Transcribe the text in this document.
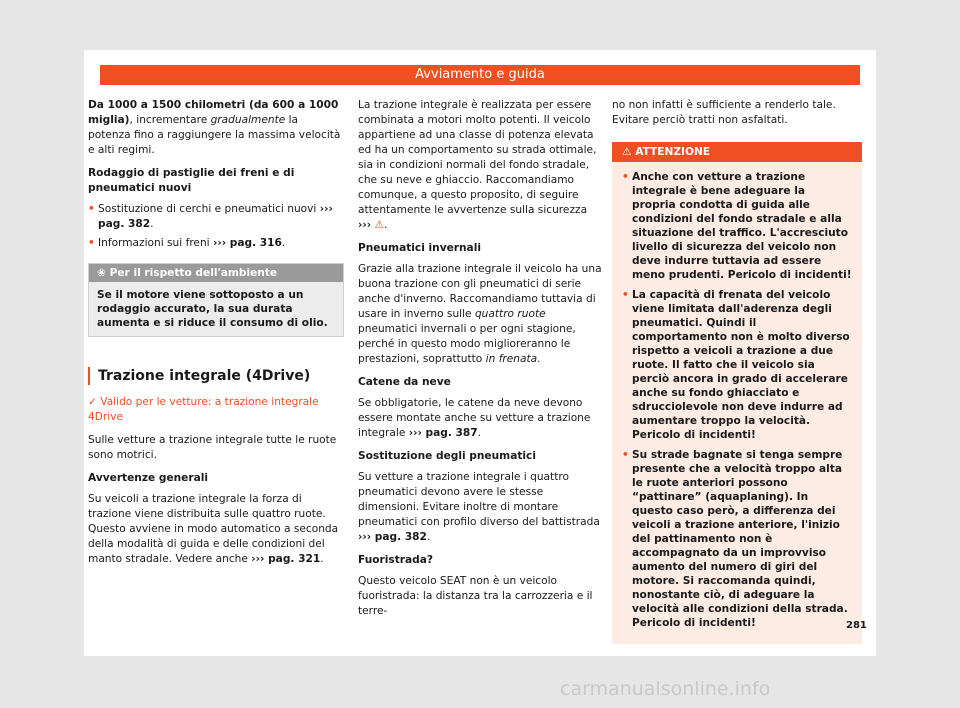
Avviamento e guida

Da 1000 a 1500 chilometri (da 600 a 1000 miglia), incrementare gradualmente la potenza fino a raggiungere la massima velocità e alti regimi.

Rodaggio di pastiglie dei freni e di pneumatici nuovi

• Sostituzione di cerchi e pneumatici nuovi ››› pag. 382.
• Informazioni sui freni ››› pag. 316.
❀ Per il rispetto dell'ambiente
Se il motore viene sottoposto a un rodaggio accurato, la sua durata aumenta e si riduce il consumo di olio.
Trazione integrale (4Drive)

✓ Valido per le vetture: a trazione integrale 4Drive

Sulle vetture a trazione integrale tutte le ruote sono motrici.

Avvertenze generali

Su veicoli a trazione integrale la forza di trazione viene distribuita sulle quattro ruote. Questo avviene in modo automatico a seconda della modalità di guida e delle condizioni del manto stradale. Vedere anche ››› pag. 321.

La trazione integrale è realizzata per essere combinata a motori molto potenti. Il veicolo appartiene ad una classe di potenza elevata ed ha un comportamento su strada ottimale, sia in condizioni normali del fondo stradale, che su neve e ghiaccio. Raccomandiamo comunque, a questo proposito, di seguire attentamente le avvertenze sulla sicurezza ››› ⚠.

Pneumatici invernali

Grazie alla trazione integrale il veicolo ha una buona trazione con gli pneumatici di serie anche d'inverno. Raccomandiamo tuttavia di usare in inverno sulle quattro ruote pneumatici invernali o per ogni stagione, perché in questo modo miglioreranno le prestazioni, soprattutto in frenata.

Catene da neve

Se obbligatorie, le catene da neve devono essere montate anche su vetture a trazione integrale ››› pag. 387.

Sostituzione degli pneumatici

Su vetture a trazione integrale i quattro pneumatici devono avere le stesse dimensioni. Evitare inoltre di montare pneumatici con profilo diverso del battistrada ››› pag. 382.

Fuoristrada?

Questo veicolo SEAT non è un veicolo fuoristrada: la distanza tra la carrozzeria e il terre-

no non infatti è sufficiente a renderlo tale. Evitare perciò tratti non asfaltati.

⚠ ATTENZIONE
• Anche con vetture a trazione integrale è bene adeguare la propria condotta di guida alle condizioni del fondo stradale e alla situazione del traffico. L'accresciuto livello di sicurezza del veicolo non deve indurre tuttavia ad essere meno prudenti. Pericolo di incidenti!
• La capacità di frenata del veicolo viene limitata dall'aderenza degli pneumatici. Quindi il comportamento non è molto diverso rispetto a veicoli a trazione a due ruote. Il fatto che il veicolo sia perciò ancora in grado di accelerare anche su fondo ghiacciato e sdrucciolevole non deve indurre ad aumentare troppo la velocità. Pericolo di incidenti!
• Su strade bagnate si tenga sempre presente che a velocità troppo alta le ruote anteriori possono “pattinare” (aquaplaning). In questo caso però, a differenza dei veicoli a trazione anteriore, l'inizio del pattinamento non è accompagnato da un improvviso aumento del numero di giri del motore. Si raccomanda quindi, nonostante ciò, di adeguare la velocità alle condizioni della strada. Pericolo di incidenti!	281
carmanualsonline.info
